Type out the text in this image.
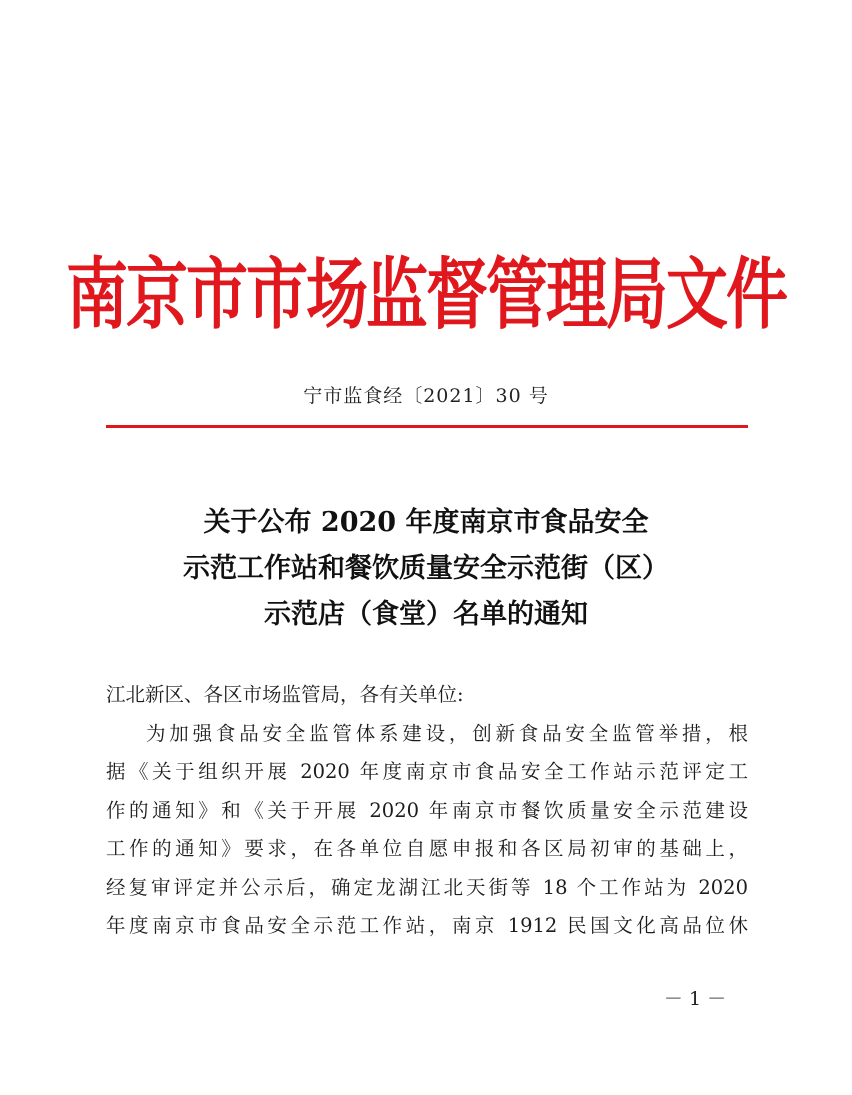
南京市市场监督管理局文件
宁市监食经〔2021〕30 号
关于公布 2020 年度南京市食品安全
示范工作站和餐饮质量安全示范街（区）
示范店（食堂）名单的通知
江北新区、各区市场监管局，各有关单位:
为加强食品安全监管体系建设，创新食品安全监管举措，根
据《关于组织开展 2020 年度南京市食品安全工作站示范评定工
作的通知》和《关于开展 2020 年南京市餐饮质量安全示范建设
工作的通知》要求，在各单位自愿申报和各区局初审的基础上，
经复审评定并公示后，确定龙湖江北天街等 18 个工作站为 2020
年度南京市食品安全示范工作站，南京 1912 民国文化高品位休
－ 1 －
